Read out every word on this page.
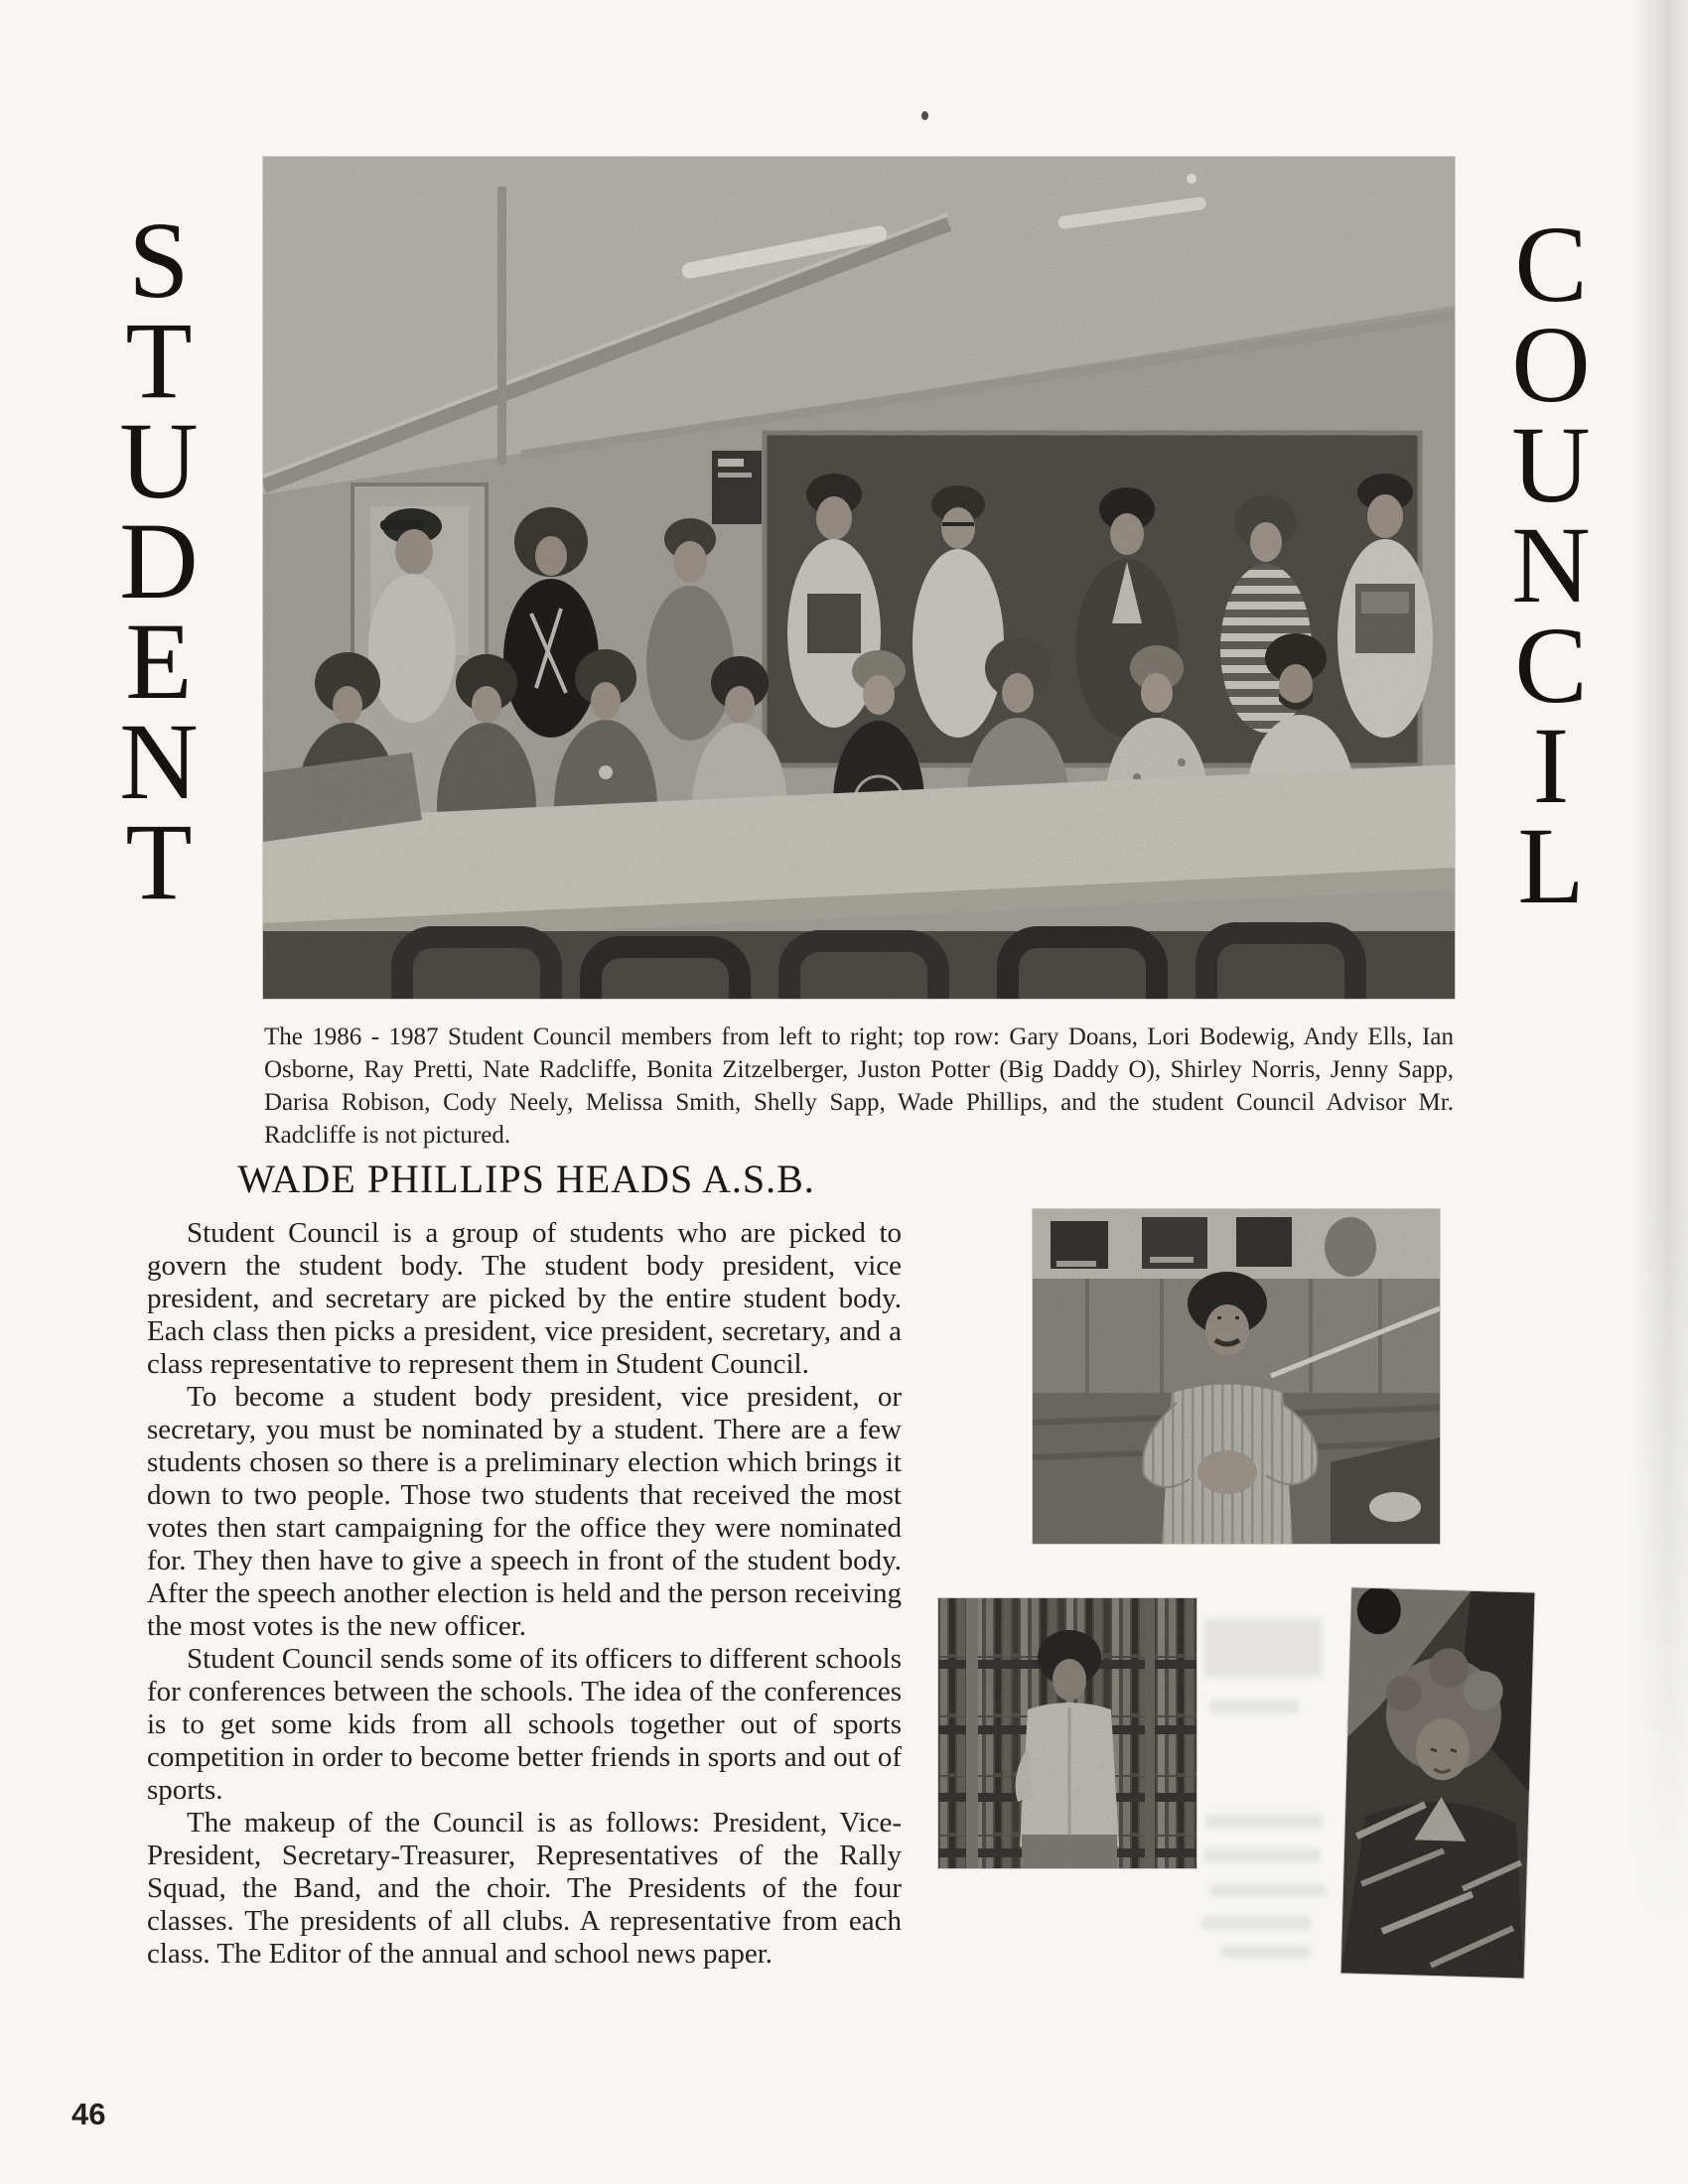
S
T
U
D
E
N
T
C
O
U
N
C
I
L
The 1986 - 1987 Student Council members from left to right; top row: Gary Doans, Lori Bodewig, Andy Ells, Ian Osborne, Ray Pretti, Nate Radcliffe, Bonita Zitzelberger, Juston Potter (Big Daddy O), Shirley Norris, Jenny Sapp, Darisa Robison, Cody Neely, Melissa Smith, Shelly Sapp, Wade Phillips, and the student Council Advisor Mr. Radcliffe is not pictured.
WADE PHILLIPS HEADS A.S.B.

Student Council is a group of students who are picked to govern the student body. The student body president, vice president, and secretary are picked by the entire student body. Each class then picks a president, vice president, secretary, and a class representative to represent them in Student Council.

To become a student body president, vice president, or secretary, you must be nominated by a student. There are a few students chosen so there is a preliminary election which brings it down to two people. Those two students that received the most votes then start campaigning for the office they were nominated for. They then have to give a speech in front of the student body. After the speech another election is held and the person receiving the most votes is the new officer.

Student Council sends some of its officers to different schools for conferences between the schools. The idea of the conferences is to get some kids from all schools together out of sports competition in order to become better friends in sports and out of sports.

The makeup of the Council is as follows: President, Vice-President, Secretary-Treasurer, Representatives of the Rally Squad, the Band, and the choir. The Presidents of the four classes. The presidents of all clubs. A representative from each class. The Editor of the annual and school news paper.

46
